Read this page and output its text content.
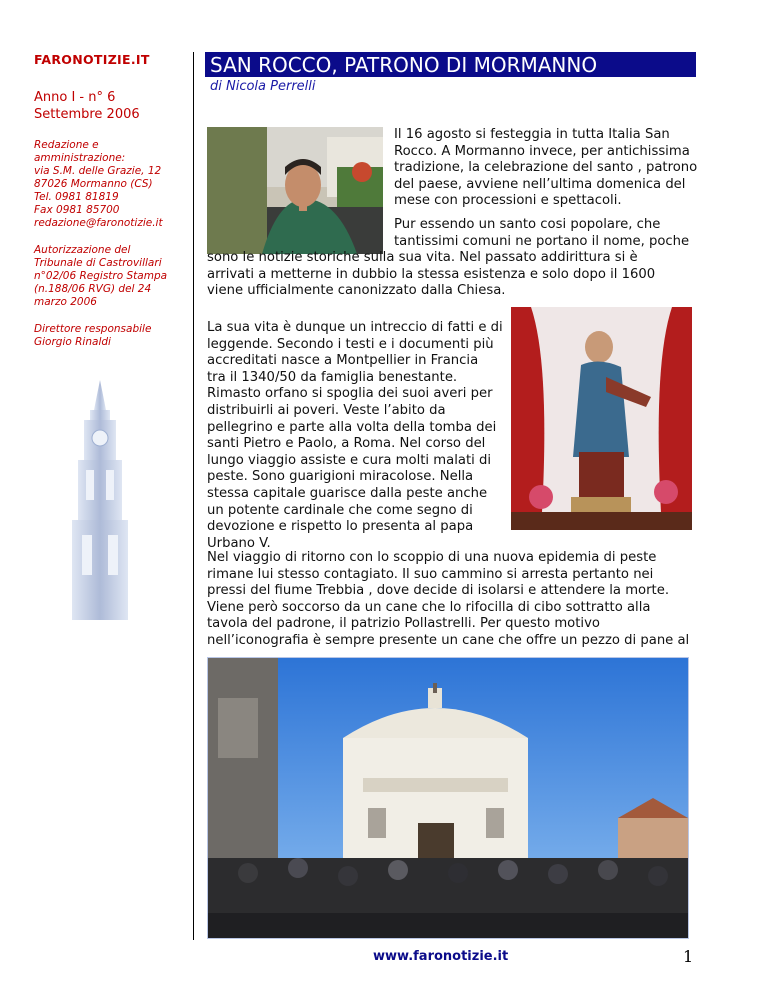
FARONOTIZIE.IT
Anno I - n° 6
Settembre 2006
Redazione e
amministrazione:
via S.M. delle Grazie, 12
87026 Mormanno (CS)
Tel. 0981 81819
Fax 0981 85700
redazione@faronotizie.it
Autorizzazione del
Tribunale di Castrovillari
n°02/06 Registro Stampa
(n.188/06 RVG) del 24
marzo 2006
Direttore responsabile
Giorgio Rinaldi
SAN ROCCO, PATRONO DI MORMANNO
di Nicola Perrelli
Il 16 agosto si festeggia in tutta Italia San
Rocco. A Mormanno invece, per antichissima
tradizione, la celebrazione del santo , patrono
del paese, avviene nell’ultima domenica del
mese con processioni e spettacoli.
Pur essendo un santo cosi popolare, che
tantissimi comuni ne portano il nome, poche
sono le notizie storiche sulla sua vita. Nel passato addirittura si è
arrivati a metterne in dubbio la stessa esistenza e solo dopo il 1600
viene ufficialmente canonizzato dalla Chiesa.
La sua vita è dunque un intreccio di fatti e di
leggende. Secondo i testi e i documenti più
accreditati nasce a Montpellier in Francia
tra il 1340/50 da famiglia benestante.
Rimasto orfano si spoglia dei suoi averi per
distribuirli ai poveri. Veste l’abito da
pellegrino e parte alla volta della tomba dei
santi Pietro e Paolo, a Roma. Nel corso del
lungo viaggio assiste e cura molti malati di
peste. Sono guarigioni miracolose. Nella
stessa capitale guarisce dalla peste anche
un potente cardinale che come segno di
devozione e rispetto lo presenta al papa
Urbano V.
Nel viaggio di ritorno con lo scoppio di una nuova epidemia di peste
rimane lui stesso contagiato. Il suo cammino si arresta pertanto nei
pressi del fiume Trebbia , dove decide di isolarsi e attendere la morte.
Viene però soccorso da un cane che lo rifocilla di cibo sottratto alla
tavola del padrone, il patrizio Pollastrelli. Per questo motivo
nell’iconografia è sempre presente un cane che offre un pezzo di pane al
www.faronotizie.it	1
